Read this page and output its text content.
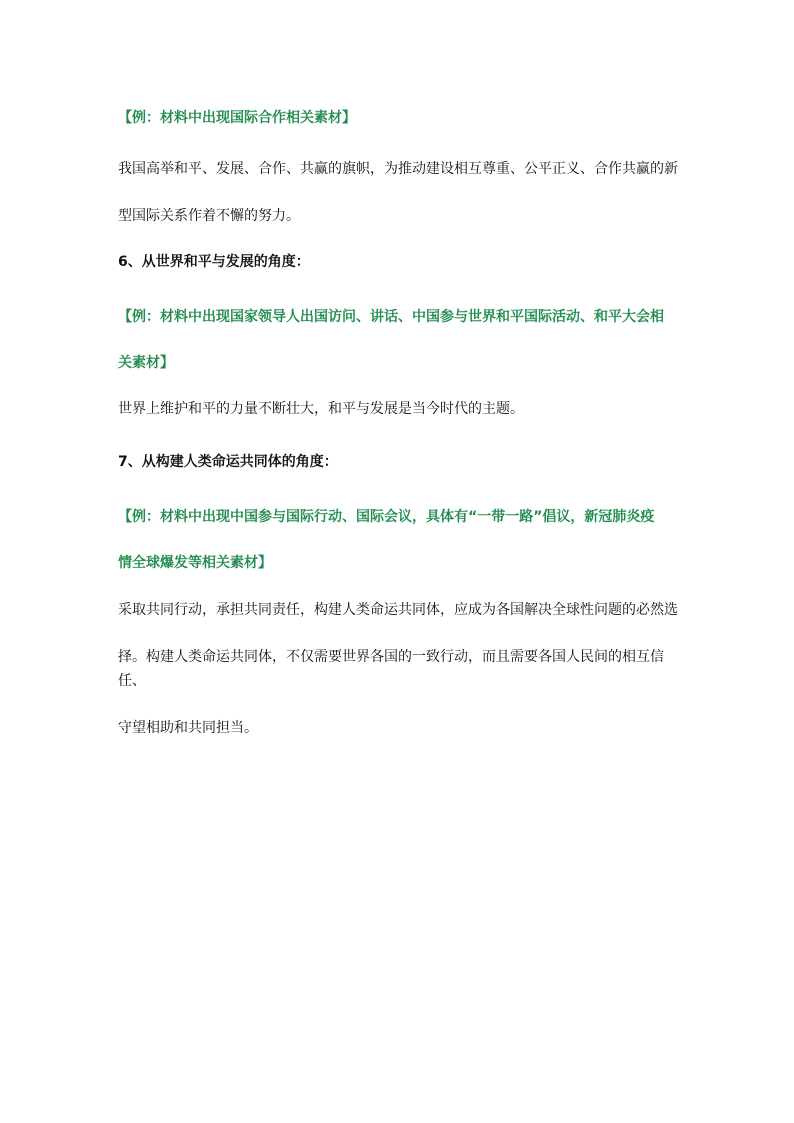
【例：材料中出现国际合作相关素材】

我国高举和平、发展、合作、共赢的旗帜，为推动建设相互尊重、公平正义、合作共赢的新

型国际关系作着不懈的努力。

6、从世界和平与发展的角度：

【例：材料中出现国家领导人出国访问、讲话、中国参与世界和平国际活动、和平大会相

关素材】

世界上维护和平的力量不断壮大，和平与发展是当今时代的主题。

7、从构建人类命运共同体的角度：

【例：材料中出现中国参与国际行动、国际会议，具体有“一带一路”倡议，新冠肺炎疫

情全球爆发等相关素材】

采取共同行动，承担共同责任，构建人类命运共同体，应成为各国解决全球性问题的必然选

择。构建人类命运共同体，不仅需要世界各国的一致行动，而且需要各国人民间的相互信任、

守望相助和共同担当。
